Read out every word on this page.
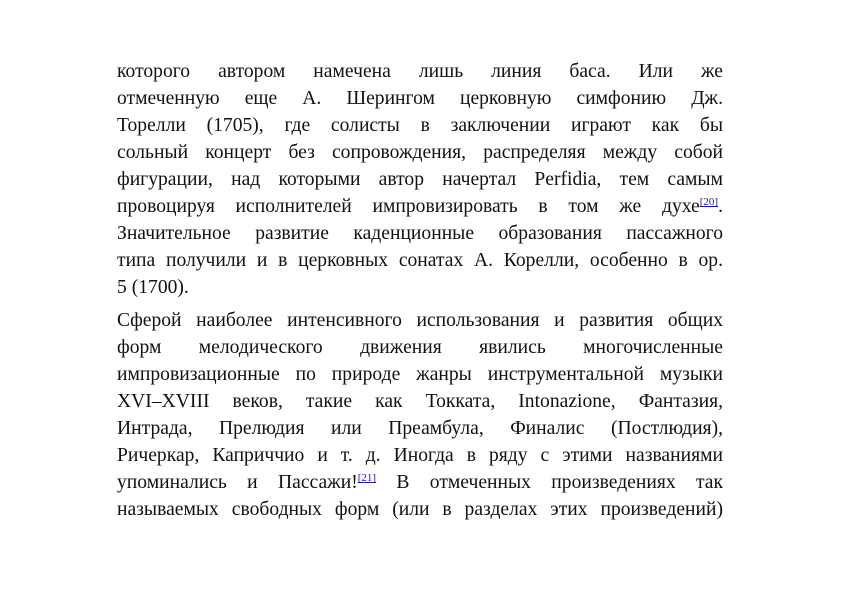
которого автором намечена лишь линия баса. Или же
отмеченную еще А. Шерингом церковную симфонию Дж.
Торелли (1705), где солисты в заключении играют как бы
сольный концерт без сопровождения, распределяя между собой
фигурации, над которыми автор начертал Perfidia, тем самым
провоцируя исполнителей импровизировать в том же духе[20].
Значительное развитие каденционные образования пассажного
типа получили и в церковных сонатах А. Корелли, особенно в ор.
5 (1700).
Сферой наиболее интенсивного использования и развития общих
форм мелодического движения явились многочисленные
импровизационные по природе жанры инструментальной музыки
XVI–XVIII веков, такие как Токката, Intonazione, Фантазия,
Интрада, Прелюдия или Преамбула, Финалис (Постлюдия),
Ричеркар, Каприччио и т. д. Иногда в ряду с этими названиями
упоминались и Пассажи![21] В отмеченных произведениях так
называемых свободных форм (или в разделах этих произведений)
